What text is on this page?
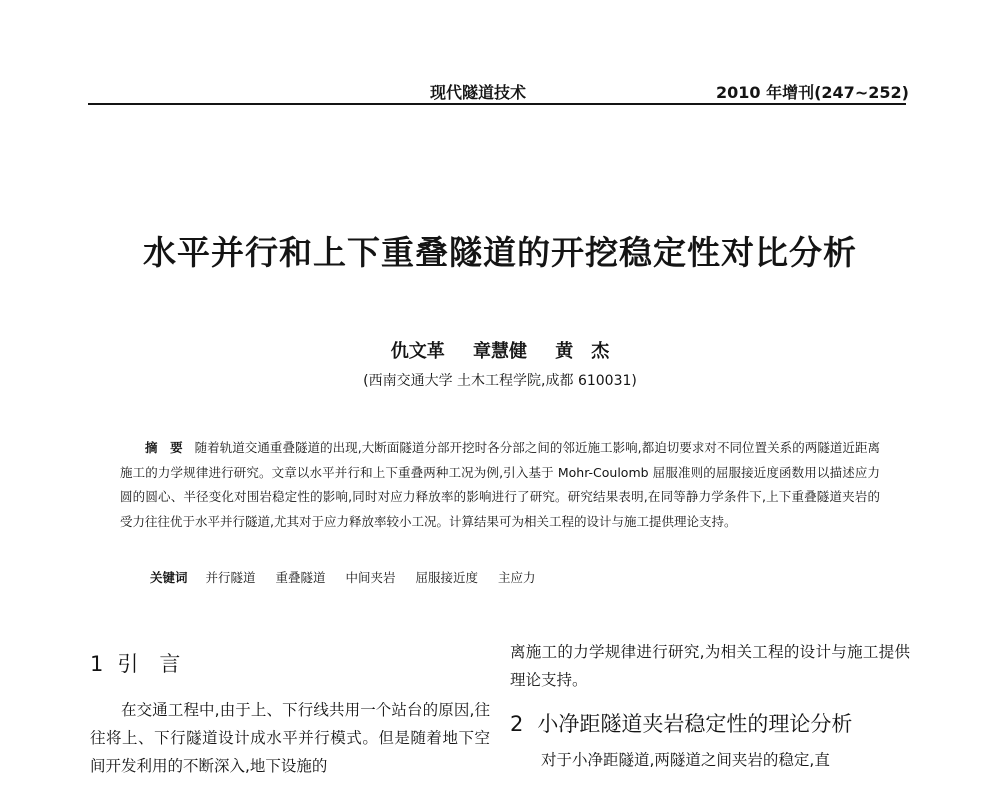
现代隧道技术	2010 年增刊(247~252)
水平并行和上下重叠隧道的开挖稳定性对比分析
仇文革 章慧健 黄　杰
(西南交通大学 土木工程学院,成都 610031)
摘　要 随着轨道交通重叠隧道的出现,大断面隧道分部开挖时各分部之间的邻近施工影响,都迫切要求对不同位置关系的两隧道近距离施工的力学规律进行研究。文章以水平并行和上下重叠两种工况为例,引入基于 Mohr-Coulomb 屈服准则的屈服接近度函数用以描述应力圆的圆心、半径变化对围岩稳定性的影响,同时对应力释放率的影响进行了研究。研究结果表明,在同等静力学条件下,上下重叠隧道夹岩的受力往往优于水平并行隧道,尤其对于应力释放率较小工况。计算结果可为相关工程的设计与施工提供理论支持。
关键词 并行隧道 重叠隧道 中间夹岩 屈服接近度 主应力
1 引　言
在交通工程中,由于上、下行线共用一个站台的原因,往往将上、下行隧道设计成水平并行模式。但是随着地下空间开发利用的不断深入,地下设施的
离施工的力学规律进行研究,为相关工程的设计与施工提供理论支持。
2 小净距隧道夹岩稳定性的理论分析
对于小净距隧道,两隧道之间夹岩的稳定,直
